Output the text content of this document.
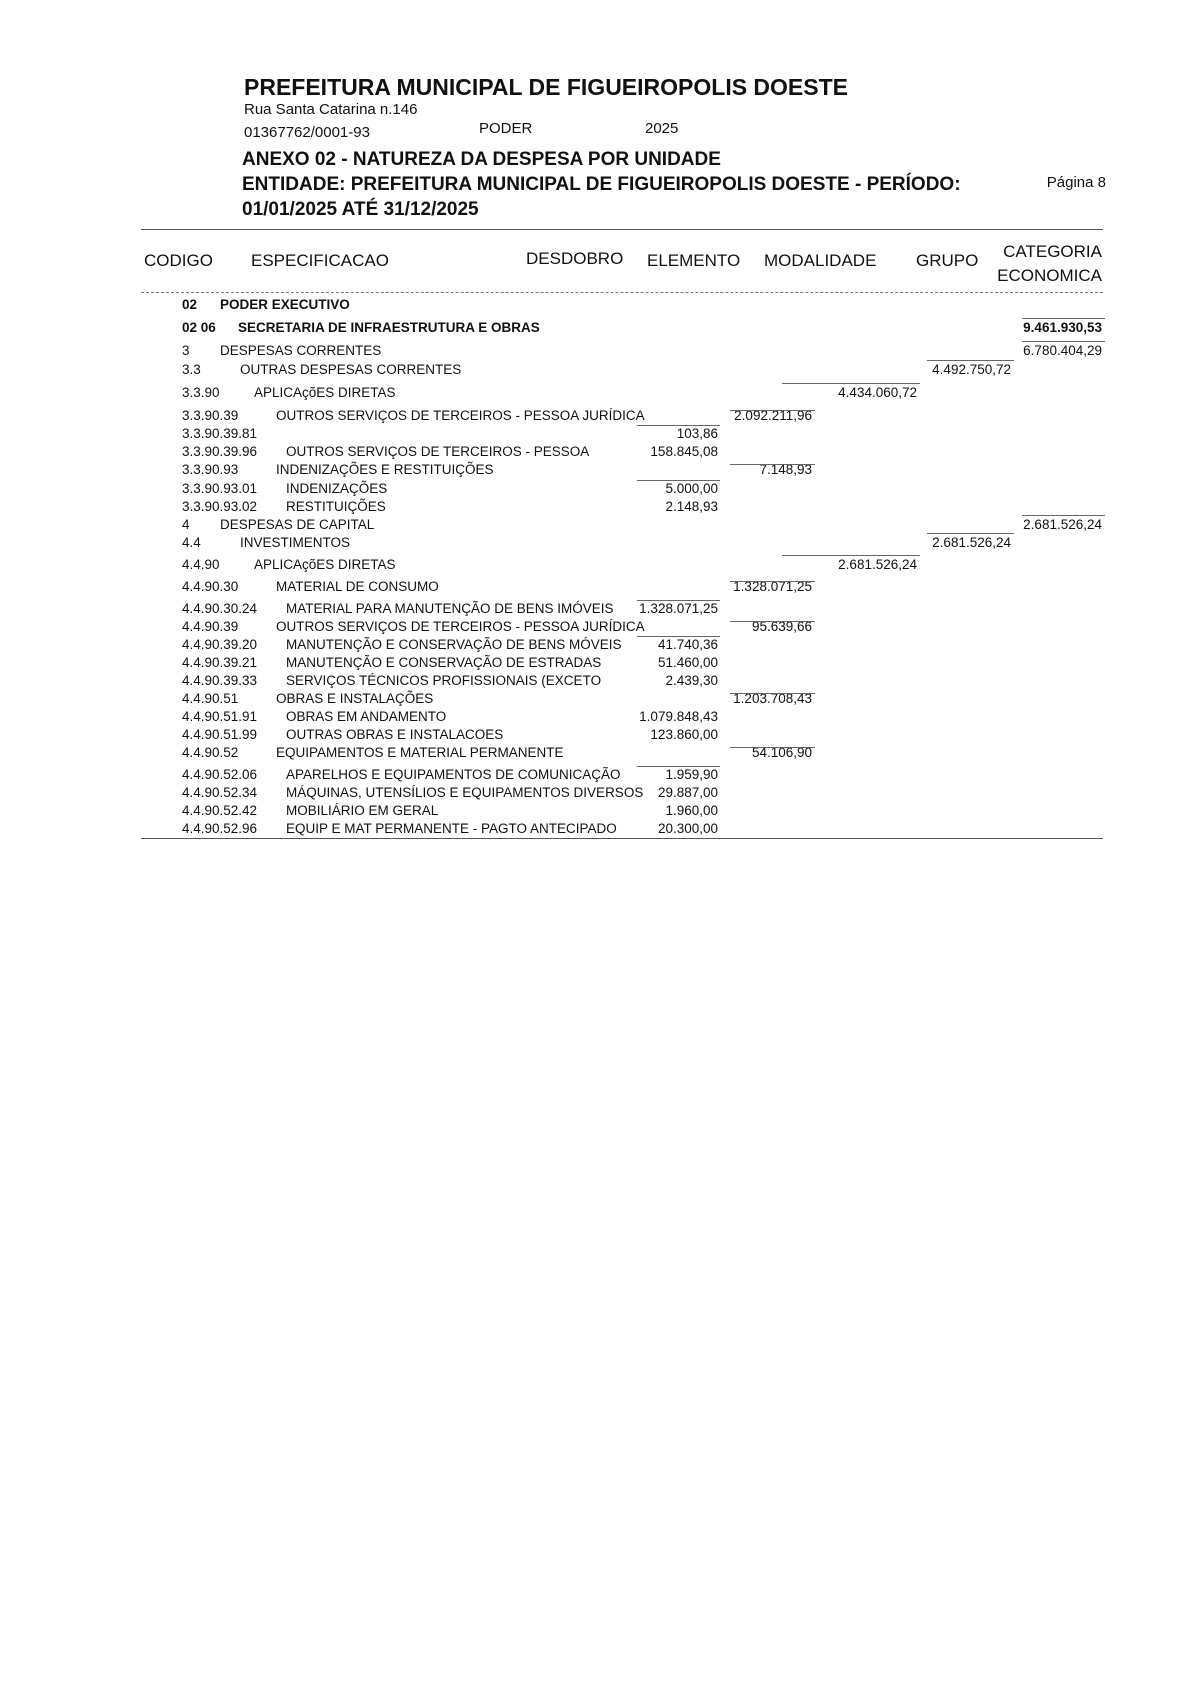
PREFEITURA MUNICIPAL DE FIGUEIROPOLIS DOESTE
Rua Santa Catarina n.146
01367762/0001-93	PODER	2025
ANEXO 02 - NATUREZA DA DESPESA POR UNIDADE
ENTIDADE: PREFEITURA MUNICIPAL DE FIGUEIROPOLIS DOESTE - PERÍODO:
01/01/2025 ATÉ 31/12/2025
Página 8
CODIGO ESPECIFICACAO	DESDOBRO ELEMENTO MODALIDADE GRUPO CATEGORIA
ECONOMICA
02 PODER EXECUTIVO
02 06 SECRETARIA DE INFRAESTRUTURA E OBRAS	9.461.930,53
3 DESPESAS CORRENTES	6.780.404,29
3.3	OUTRAS DESPESAS CORRENTES	4.492.750,72
3.3.90	APLICAçõES DIRETAS	4.434.060,72
3.3.90.39	OUTROS SERVIÇOS DE TERCEIROS - PESSOA JURÍDICA	2.092.211,96
3.3.90.39.81	103,86
3.3.90.39.96 OUTROS SERVIÇOS DE TERCEIROS - PESSOA	158.845,08
3.3.90.93	INDENIZAÇÕES E RESTITUIÇÕES	7.148,93
3.3.90.93.01 INDENIZAÇÕES	5.000,00
3.3.90.93.02 RESTITUIÇÕES	2.148,93
4 DESPESAS DE CAPITAL	2.681.526,24
4.4	INVESTIMENTOS	2.681.526,24
4.4.90	APLICAçõES DIRETAS	2.681.526,24
4.4.90.30	MATERIAL DE CONSUMO	1.328.071,25
4.4.90.30.24 MATERIAL PARA MANUTENÇÃO DE BENS IMÓVEIS 1.328.071,25
4.4.90.39	OUTROS SERVIÇOS DE TERCEIROS - PESSOA JURÍDICA	95.639,66
4.4.90.39.20 MANUTENÇÃO E CONSERVAÇÃO DE BENS MÓVEIS	41.740,36
4.4.90.39.21 MANUTENÇÃO E CONSERVAÇÃO DE ESTRADAS	51.460,00
4.4.90.39.33 SERVIÇOS TÉCNICOS PROFISSIONAIS (EXCETO	2.439,30
4.4.90.51	OBRAS E INSTALAÇÕES	1.203.708,43
4.4.90.51.91 OBRAS EM ANDAMENTO	1.079.848,43
4.4.90.51.99 OUTRAS OBRAS E INSTALACOES	123.860,00
4.4.90.52	EQUIPAMENTOS E MATERIAL PERMANENTE	54.106,90
4.4.90.52.06 APARELHOS E EQUIPAMENTOS DE COMUNICAÇÃO	1.959,90
4.4.90.52.34 MÁQUINAS, UTENSÍLIOS E EQUIPAMENTOS DIVERSOS 29.887,00
4.4.90.52.42 MOBILIÁRIO EM GERAL	1.960,00
4.4.90.52.96 EQUIP E MAT PERMANENTE - PAGTO ANTECIPADO	20.300,00
